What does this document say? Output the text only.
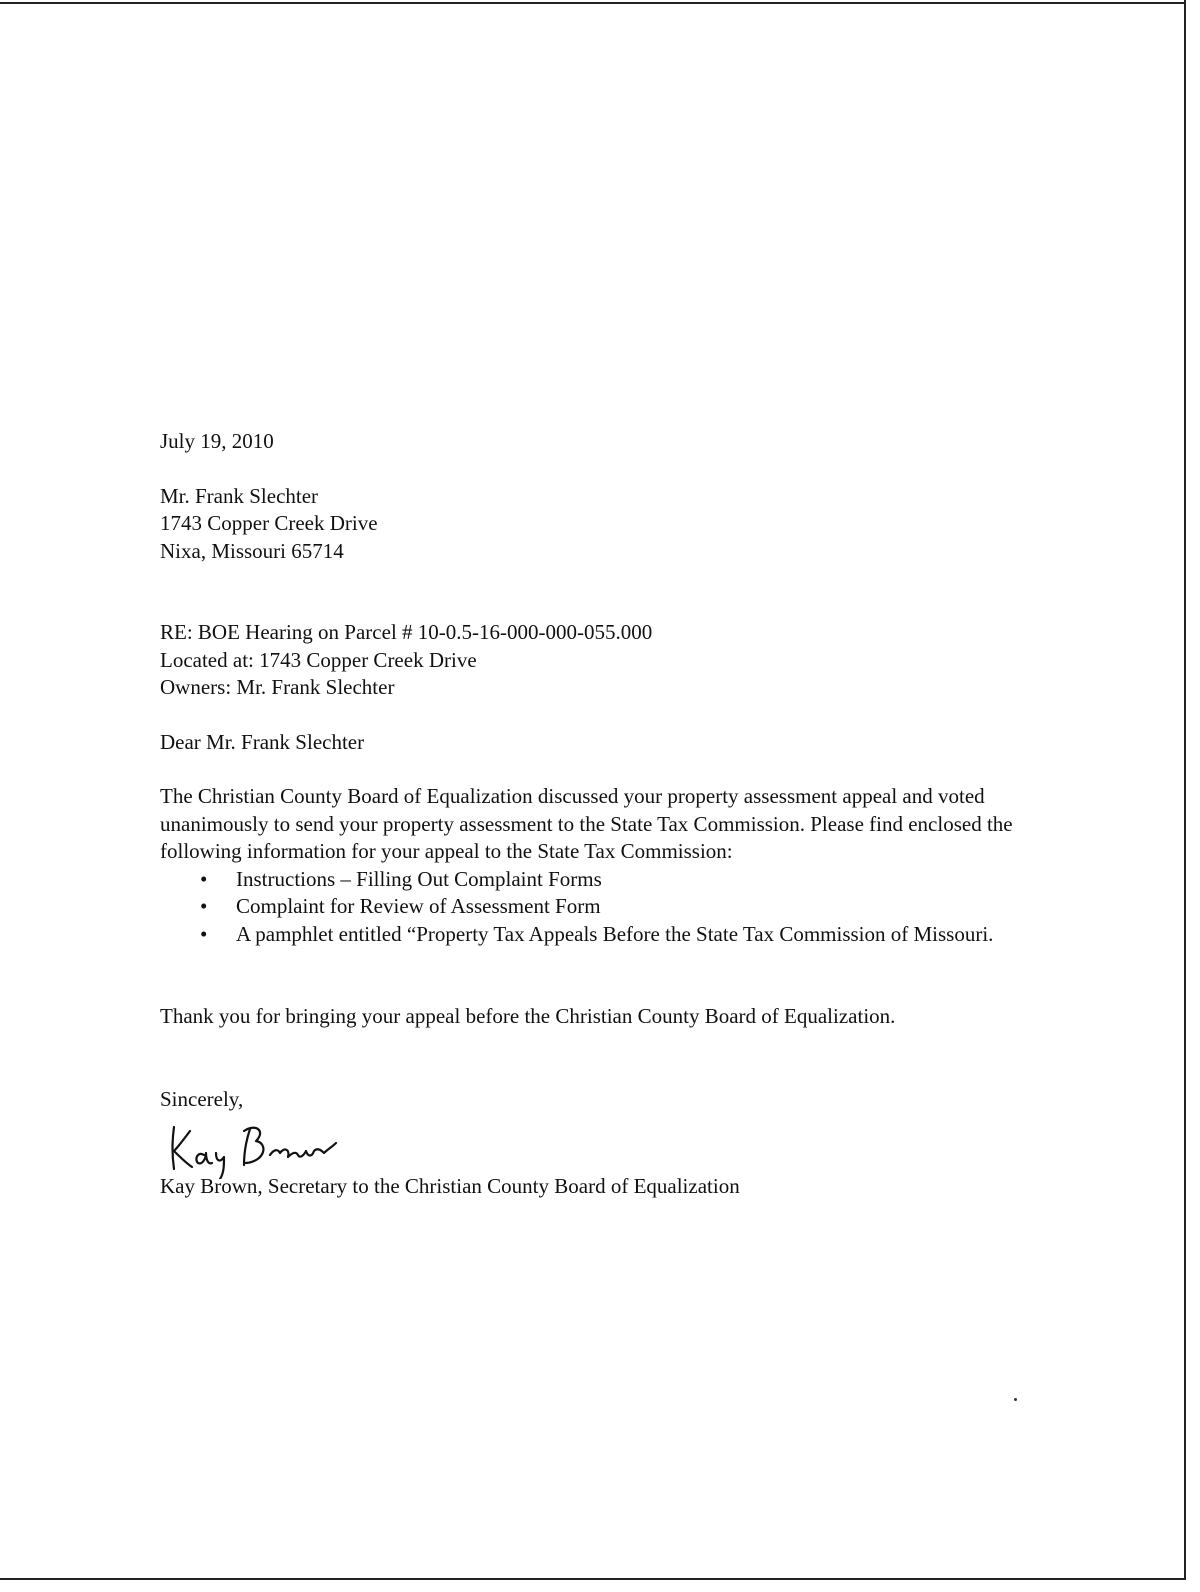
July 19, 2010
Mr. Frank Slechter
1743 Copper Creek Drive
Nixa, Missouri 65714
RE: BOE Hearing on Parcel # 10-0.5-16-000-000-055.000
Located at: 1743 Copper Creek Drive
Owners: Mr. Frank Slechter
Dear Mr. Frank Slechter
The Christian County Board of Equalization discussed your property assessment appeal and voted unanimously to send your property assessment to the State Tax Commission. Please find enclosed the following information for your appeal to the State Tax Commission:
• Instructions – Filling Out Complaint Forms
• Complaint for Review of Assessment Form
• A pamphlet entitled “Property Tax Appeals Before the State Tax Commission of Missouri.
Thank you for bringing your appeal before the Christian County Board of Equalization.
Sincerely,
Kay Brown, Secretary to the Christian County Board of Equalization
